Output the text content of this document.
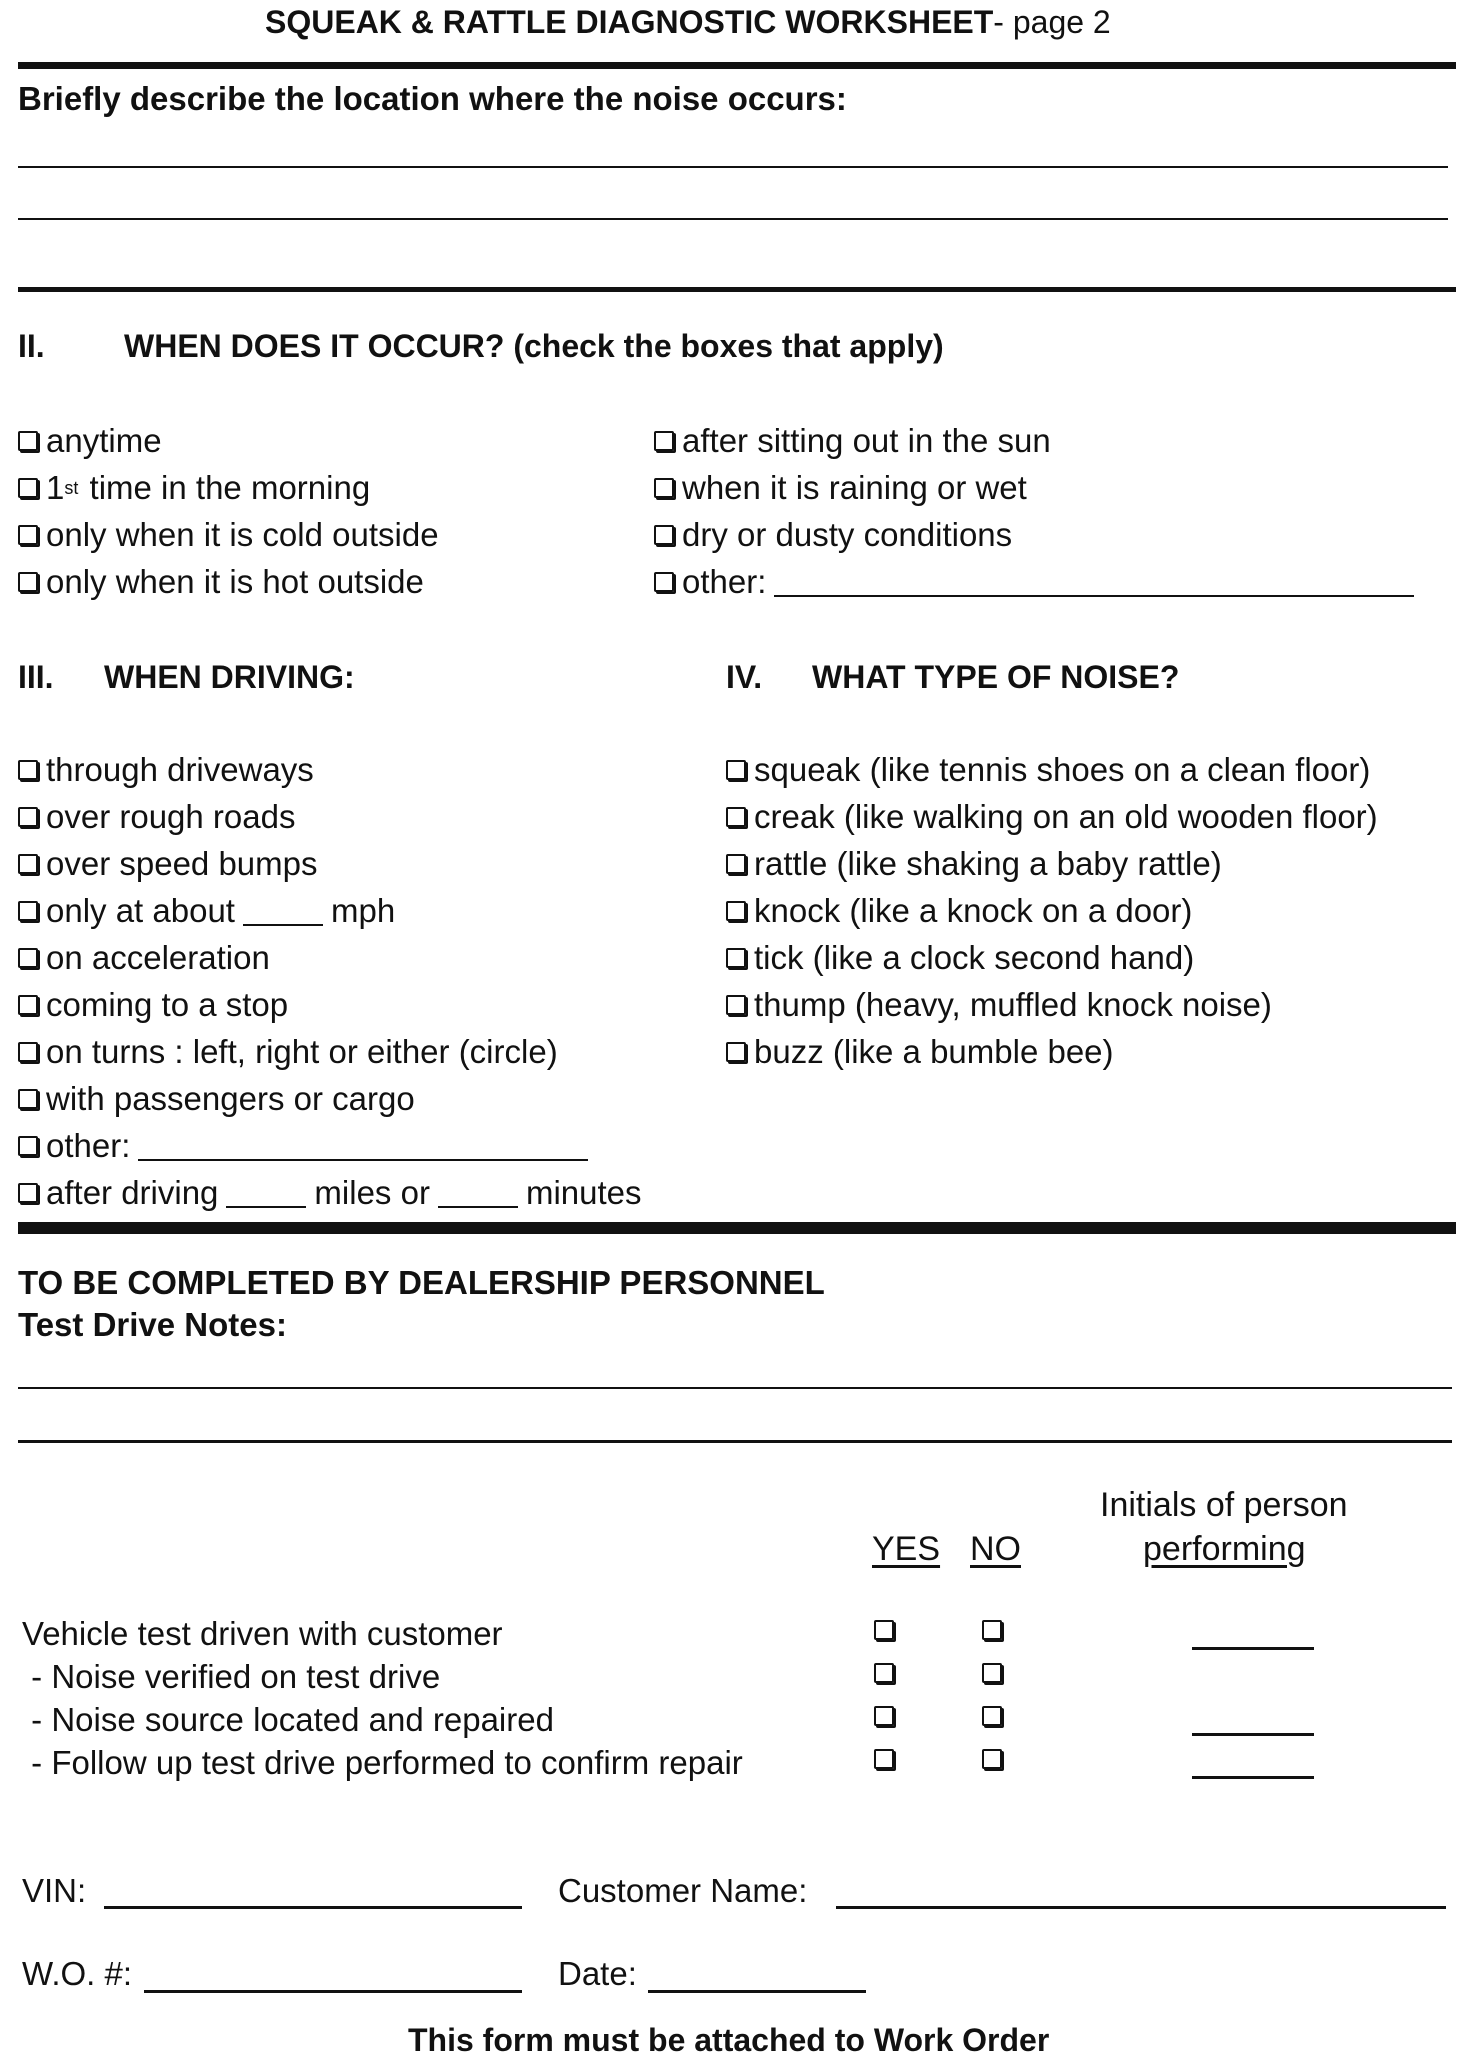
SQUEAK & RATTLE DIAGNOSTIC WORKSHEET- page 2
Briefly describe the location where the noise occurs:
II. WHEN DOES IT OCCUR? (check the boxes that apply)
anytime
1 st time in the morning
only when it is cold outside
only when it is hot outside
after sitting out in the sun
when it is raining or wet
dry or dusty conditions
other:
III. WHEN DRIVING:
through driveways
over rough roads
over speed bumps
only at about	mph
on acceleration
coming to a stop
on turns : left, right or either (circle)
with passengers or cargo
other:
after driving	miles or	minutes
IV. WHAT TYPE OF NOISE?
squeak (like tennis shoes on a clean floor)
creak (like walking on an old wooden floor)
rattle (like shaking a baby rattle)
knock (like a knock on a door)
tick (like a clock second hand)
thump (heavy, muffled knock noise)
buzz (like a bumble bee)
TO BE COMPLETED BY DEALERSHIP PERSONNEL
Test Drive Notes:
Initials of person
YES NO	performing
Vehicle test driven with customer
- Noise verified on test drive
- Noise source located and repaired
- Follow up test drive performed to confirm repair
VIN:	Customer Name:
W.O. #:	Date:
This form must be attached to Work Order
